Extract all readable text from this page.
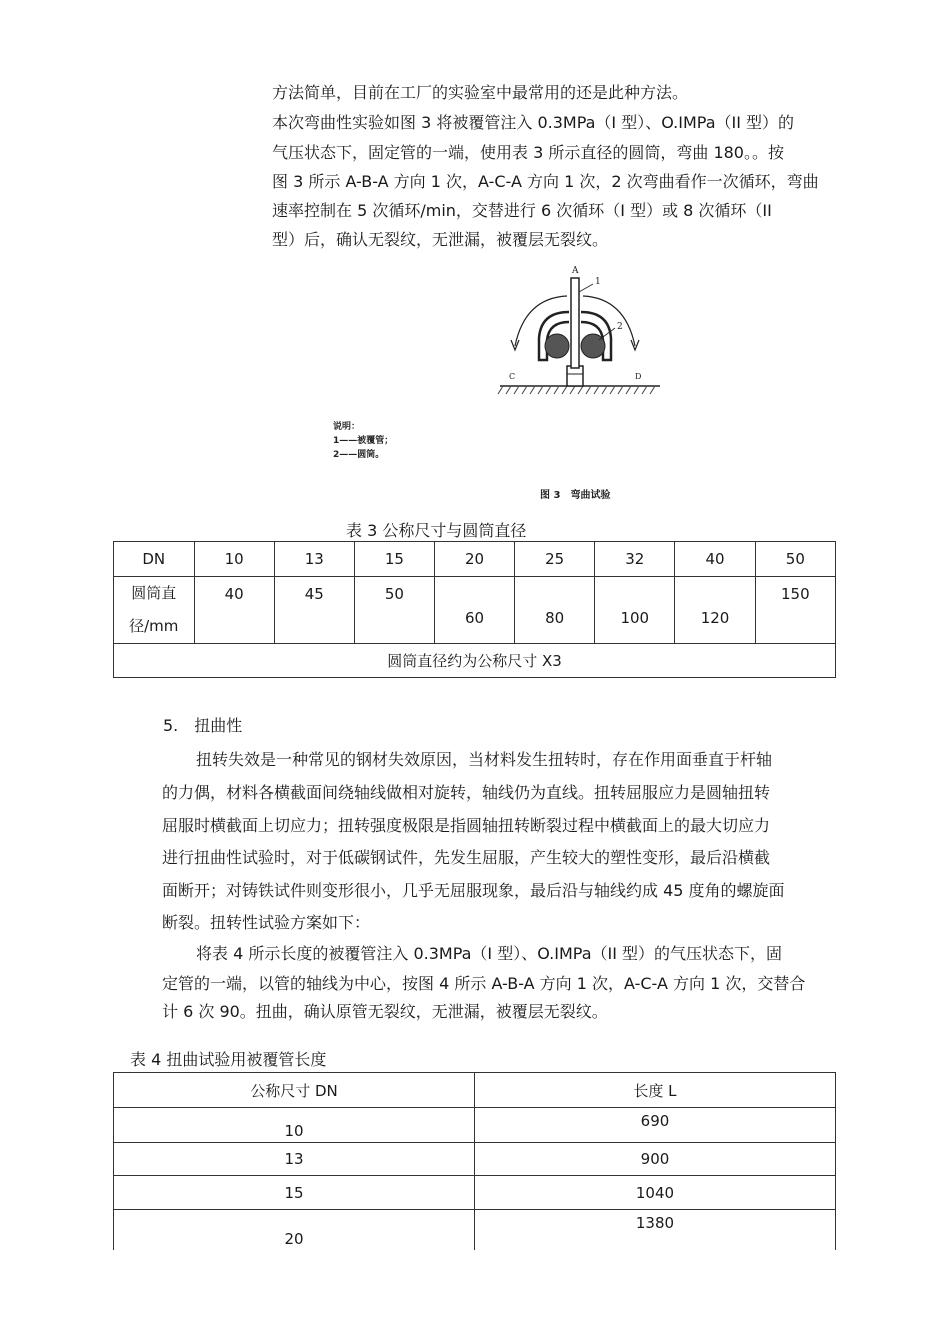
方法简单，目前在工厂的实验室中最常用的还是此种方法。

本次弯曲性实验如图 3 将被覆管注入 0.3MPa（I 型）、O.IMPa（II 型）的

气压状态下，固定管的一端，使用表 3 所示直径的圆筒，弯曲 180。。按

图 3 所示 A-B-A 方向 1 次，A-C-A 方向 1 次，2 次弯曲看作一次循环，弯曲

速率控制在 5 次循环/min，交替进行 6 次循环（I 型）或 8 次循环（II

型）后，确认无裂纹，无泄漏，被覆层无裂纹。

A
1
2
C	D
说明：
1——被覆管；
2——圆筒。
图 3　弯曲试验

表 3 公称尺寸与圆筒直径

DN	10	13	15	20	25	32	40	50

圆筒直
径/mm	40	45	50	60	80	100	120	150
圆筒直径约为公称尺寸 X3								

5.　扭曲性

扭转失效是一种常见的钢材失效原因，当材料发生扭转时，存在作用面垂直于杆轴

的力偶，材料各横截面间绕轴线做相对旋转，轴线仍为直线。扭转屈服应力是圆轴扭转

屈服时横截面上切应力；扭转强度极限是指圆轴扭转断裂过程中横截面上的最大切应力

进行扭曲性试验时，对于低碳钢试件，先发生屈服，产生较大的塑性变形，最后沿横截

面断开；对铸铁试件则变形很小，几乎无屈服现象，最后沿与轴线约成 45 度角的螺旋面

断裂。扭转性试验方案如下：

将表 4 所示长度的被覆管注入 0.3MPa（I 型）、O.IMPa（II 型）的气压状态下，固

定管的一端，以管的轴线为中心，按图 4 所示 A-B-A 方向 1 次，A-C-A 方向 1 次，交替合

计 6 次 90。扭曲，确认原管无裂纹，无泄漏，被覆层无裂纹。

表 4 扭曲试验用被覆管长度

公称尺寸 DN	长度 L
10	690
13	900
15	1040
20	1380
